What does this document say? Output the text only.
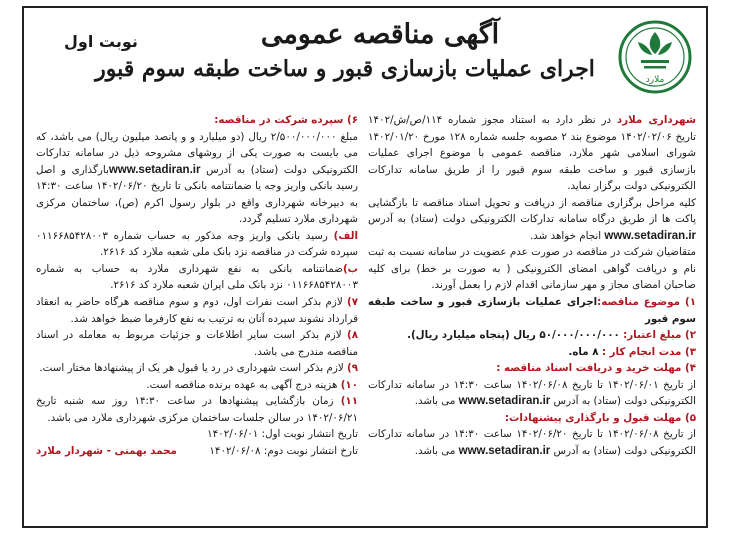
ملارد
آگهی مناقصه عمومی
اجرای عملیات بازسازی قبور و ساخت طبقه سوم قبور
نوبت اول

شهرداری ملارد در نظر دارد به استناد مجوز شماره ۱۱۴/ص/ش/۱۴۰۲ تاریخ ۱۴۰۲/۰۲/۰۶ موضوع بند ۲ مصوبه جلسه شماره ۱۲۸ مورخ ۱۴۰۲/۰۱/۲۰ شورای اسلامی شهر ملارد، مناقصه عمومی با موضوع اجرای عملیات بازسازی قبور و ساخت طبقه سوم قبور را از طریق سامانه تدارکات الکترونیکی دولت برگزار نماید.

کلیه مراحل برگزاری مناقصه از دریافت و تحویل اسناد مناقصه تا بازگشایی پاکت ها از طریق درگاه سامانه تدارکات الکترونیکی دولت (ستاد) به آدرس www.setadiran.ir انجام خواهد شد.

متقاضیان شرکت در مناقصه در صورت عدم عضویت در سامانه نسبت به ثبت نام و دریافت گواهی امضای الکترونیکی ( به صورت بر خط) برای کلیه صاحبان امضای مجاز و مهر سازمانی اقدام لازم را بعمل آورند.

۱) موضوع مناقصه:اجرای عملیات بازسازی قبور و ساخت طبقه سوم قبور

۲) مبلغ اعتبار: ۵۰/۰۰۰/۰۰۰/۰۰۰ ریال (پنجاه میلیارد ریال).

۳) مدت انجام کار : ۸ ماه.

۴) مهلت خرید و دریافت اسناد مناقصه :

از تاریخ ۱۴۰۲/۰۶/۰۱ تا تاریخ ۱۴۰۲/۰۶/۰۸ ساعت ۱۴:۳۰ در سامانه تدارکات الکترونیکی دولت (ستاد) به آدرس www.setadiran.ir می باشد.

۵) مهلت قبول و بارگذاری پیشنهادات:

از تاریخ ۱۴۰۲/۰۶/۰۸ تا تاریخ ۱۴۰۲/۰۶/۲۰ ساعت ۱۴:۳۰ در سامانه تدارکات الکترونیکی دولت (ستاد) به آدرس www.setadiran.ir می باشد.

۶) سپرده شرکت در مناقصه:

مبلغ ۲/۵۰۰/۰۰۰/۰۰۰ ریال (دو میلیارد و و پانصد میلیون ریال) می باشد، که می بایست به صورت یکی از روشهای مشروحه ذیل در سامانه تدارکات الکترونیکی دولت (ستاد) به آدرس www.setadiran.irبارگذاری و اصل رسید بانکی واریز وجه یا ضمانتنامه بانکی تا تاریخ ۱۴۰۲/۰۶/۲۰ ساعت ۱۴:۳۰ به دبیرخانه شهرداری واقع در بلوار رسول اکرم (ص)، ساختمان مرکزی شهرداری ملارد تسلیم گردد.

الف) رسید بانکی واریز وجه مذکور به حساب شماره ۰۱۱۶۶۸۵۴۲۸۰۰۳ سپرده شرکت در مناقصه نزد بانک ملی شعبه ملارد کد ۲۶۱۶.

ب)ضمانتنامه بانکی به نفع شهرداری ملارد به حساب به شماره ۰۱۱۶۶۸۵۴۲۸۰۰۳ نزد بانک ملی ایران شعبه ملارد کد ۲۶۱۶.

۷) لازم بذکر است نفرات اول، دوم و سوم مناقصه هرگاه حاضر به انعقاد قرارداد نشوند سپرده آنان به ترتیب به نفع کارفرما ضبط خواهد شد.

۸) لازم بذکر است سایر اطلاعات و جزئیات مربوط به معامله در اسناد مناقصه مندرج می باشد.

۹) لازم بذکر است شهرداری در رد یا قبول هر یک از پیشنهادها مختار است.

۱۰) هزینه درج آگهی به عهده برنده مناقصه است.

۱۱) زمان بازگشایی پیشنهادها در ساعت ۱۴:۳۰ روز سه شنبه تاریخ ۱۴۰۲/۰۶/۲۱ در سالن جلسات ساختمان مرکزی شهرداری ملارد می باشد.

تاریخ انتشار نوبت اول: ۱۴۰۲/۰۶/۰۱

تارخ انتشار نوبت دوم: ۱۴۰۲/۰۶/۰۸
محمد بهمنی - شهردار ملارد
